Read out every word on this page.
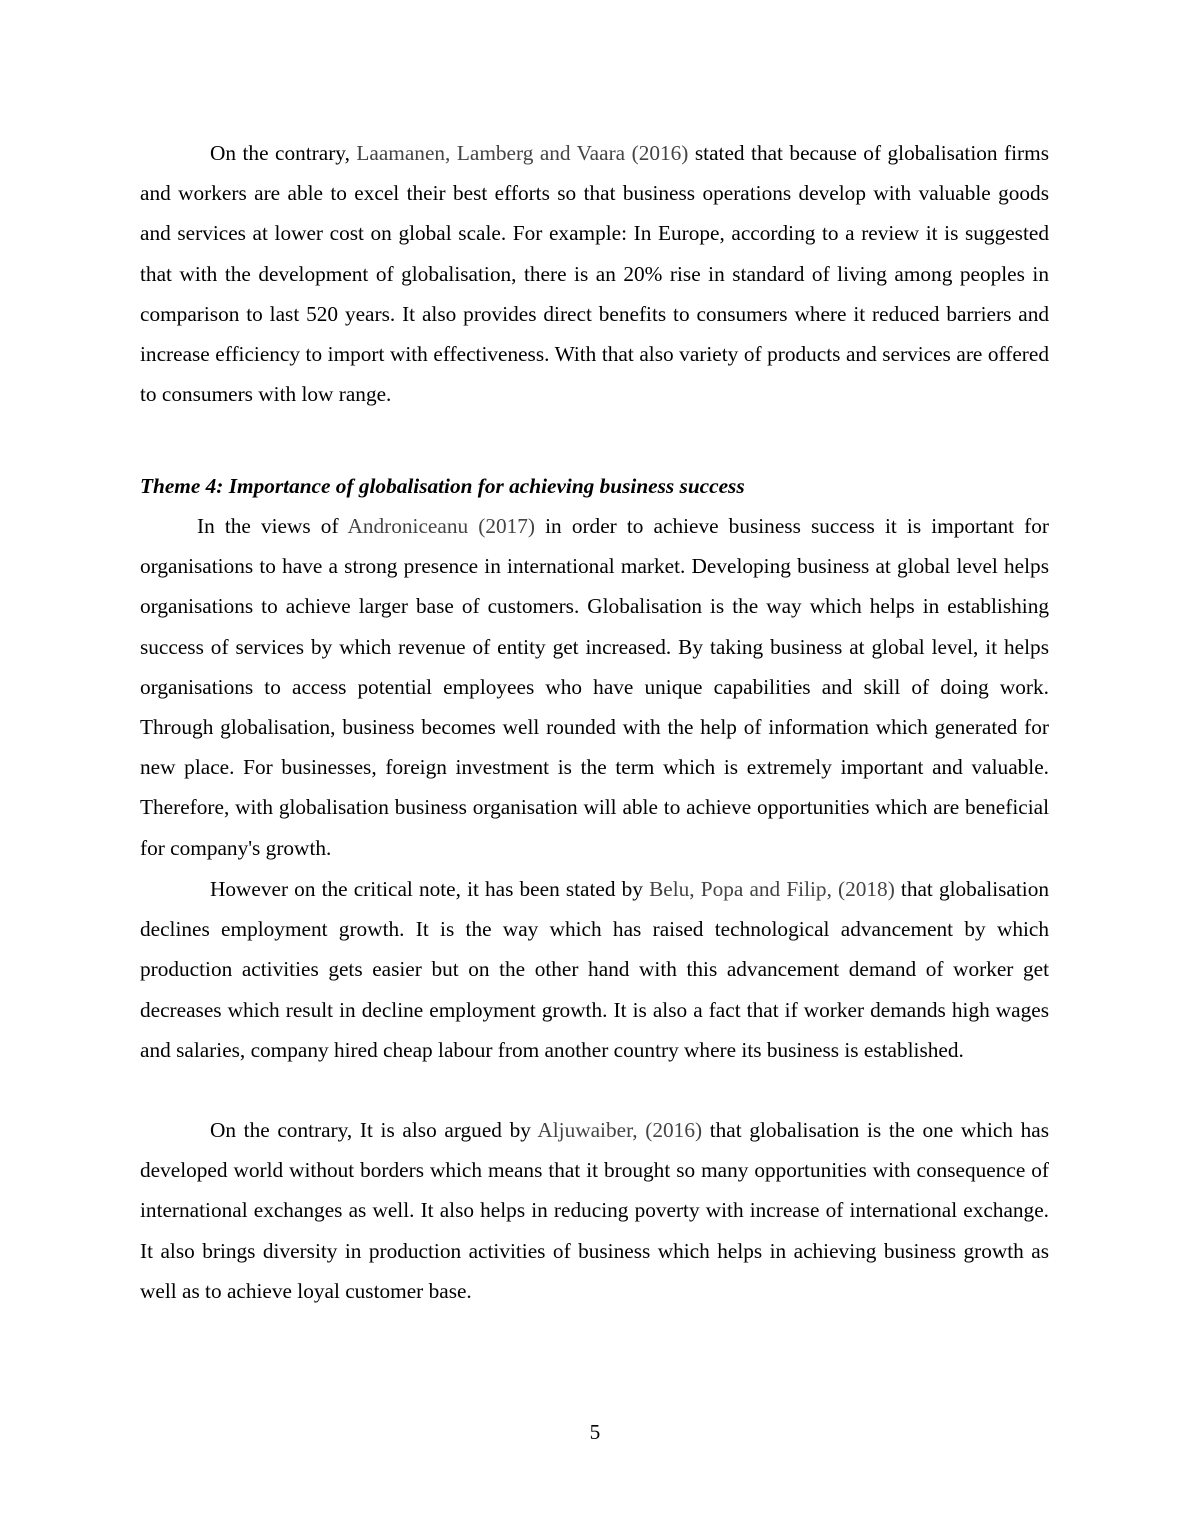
On the contrary, Laamanen, Lamberg and Vaara (2016) stated that because of globalisation firms and workers are able to excel their best efforts so that business operations develop with valuable goods and services at lower cost on global scale. For example: In Europe, according to a review it is suggested that with the development of globalisation, there is an 20% rise in standard of living among peoples in comparison to last 520 years. It also provides direct benefits to consumers where it reduced barriers and increase efficiency to import with effectiveness. With that also variety of products and services are offered to consumers with low range.

Theme 4: Importance of globalisation for achieving business success

In the views of Androniceanu (2017) in order to achieve business success it is important for organisations to have a strong presence in international market. Developing business at global level helps organisations to achieve larger base of customers. Globalisation is the way which helps in establishing success of services by which revenue of entity get increased. By taking business at global level, it helps organisations to access potential employees who have unique capabilities and skill of doing work. Through globalisation, business becomes well rounded with the help of information which generated for new place. For businesses, foreign investment is the term which is extremely important and valuable. Therefore, with globalisation business organisation will able to achieve opportunities which are beneficial for company's growth.

However on the critical note, it has been stated by Belu, Popa and Filip, (2018) that globalisation declines employment growth. It is the way which has raised technological advancement by which production activities gets easier but on the other hand with this advancement demand of worker get decreases which result in decline employment growth. It is also a fact that if worker demands high wages and salaries, company hired cheap labour from another country where its business is established.

On the contrary, It is also argued by Aljuwaiber, (2016) that globalisation is the one which has developed world without borders which means that it brought so many opportunities with consequence of international exchanges as well. It also helps in reducing poverty with increase of international exchange. It also brings diversity in production activities of business which helps in achieving business growth as well as to achieve loyal customer base.

5
